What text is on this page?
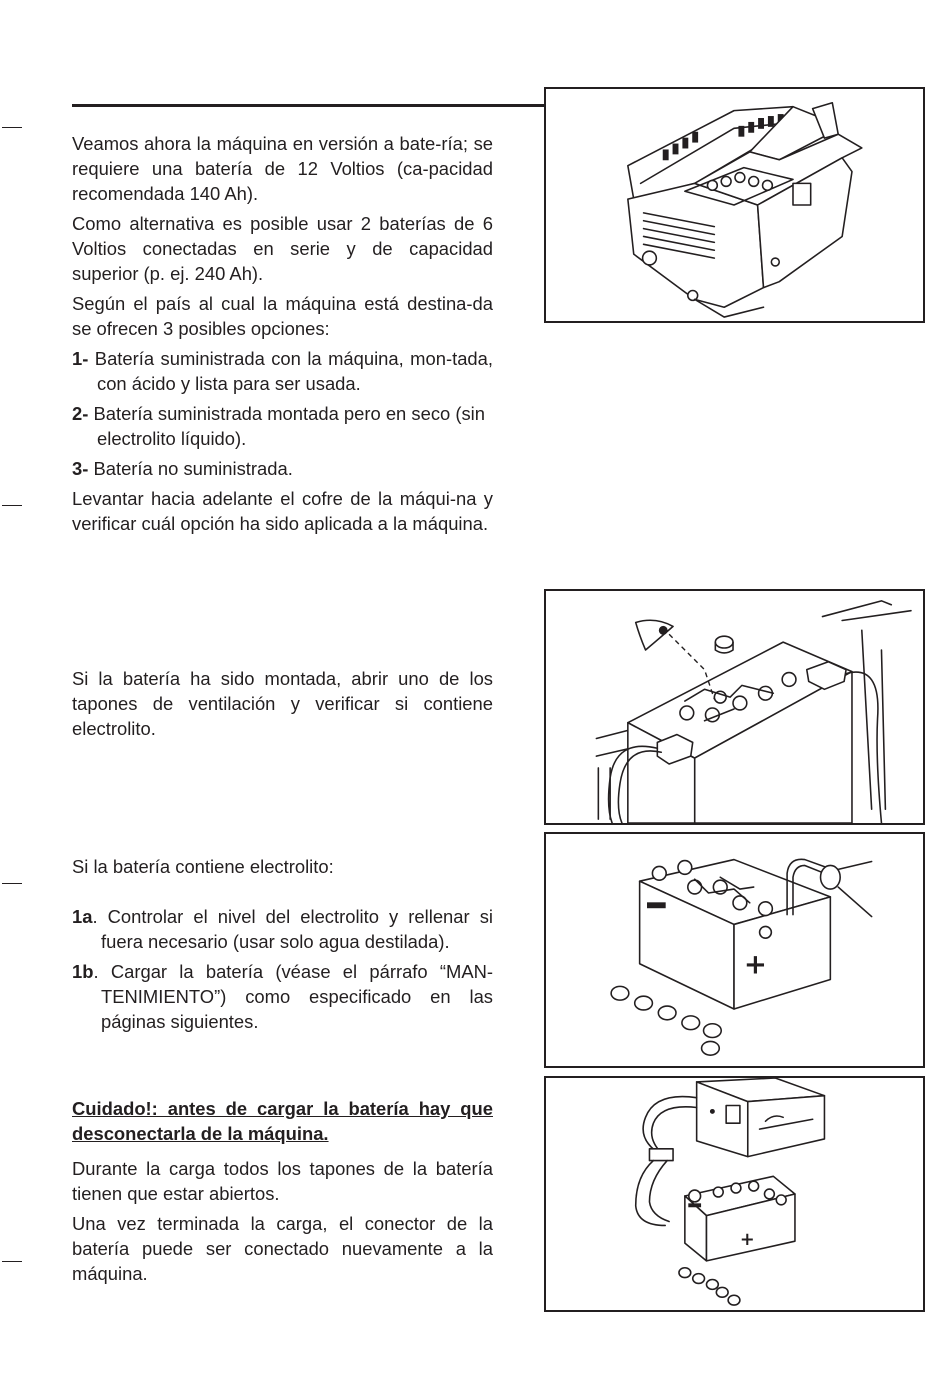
Veamos ahora la máquina en versión a bate-ría; se requiere una batería de 12 Voltios (ca-pacidad recomendada 140 Ah).

Como alternativa es posible usar 2 baterías de 6 Voltios conectadas en serie y de capacidad superior (p. ej. 240 Ah).

Según el país al cual la máquina está destina-da se ofrecen 3 posibles opciones:

1- Batería suministrada con la máquina, mon-tada, con ácido y lista para ser usada.

2- Batería suministrada montada pero en seco (sin electrolito líquido).

3- Batería no suministrada.

Levantar hacia adelante el cofre de la máqui-na y verificar cuál opción ha sido aplicada a la máquina.

Si la batería ha sido montada, abrir uno de los tapones de ventilación y verificar si contiene electrolito.

Si la batería contiene electrolito:

1a. Controlar el nivel del electrolito y rellenar si fuera necesario (usar solo agua destilada).

1b. Cargar la batería (véase el párrafo “MAN-TENIMIENTO”) como especificado en las páginas siguientes.

Cuidado!: antes de cargar la batería hay que desconectarla de la máquina.

Durante la carga todos los tapones de la batería tienen que estar abiertos.

Una vez terminada la carga, el conector de la batería puede ser conectado nuevamente a la máquina.

+
+
